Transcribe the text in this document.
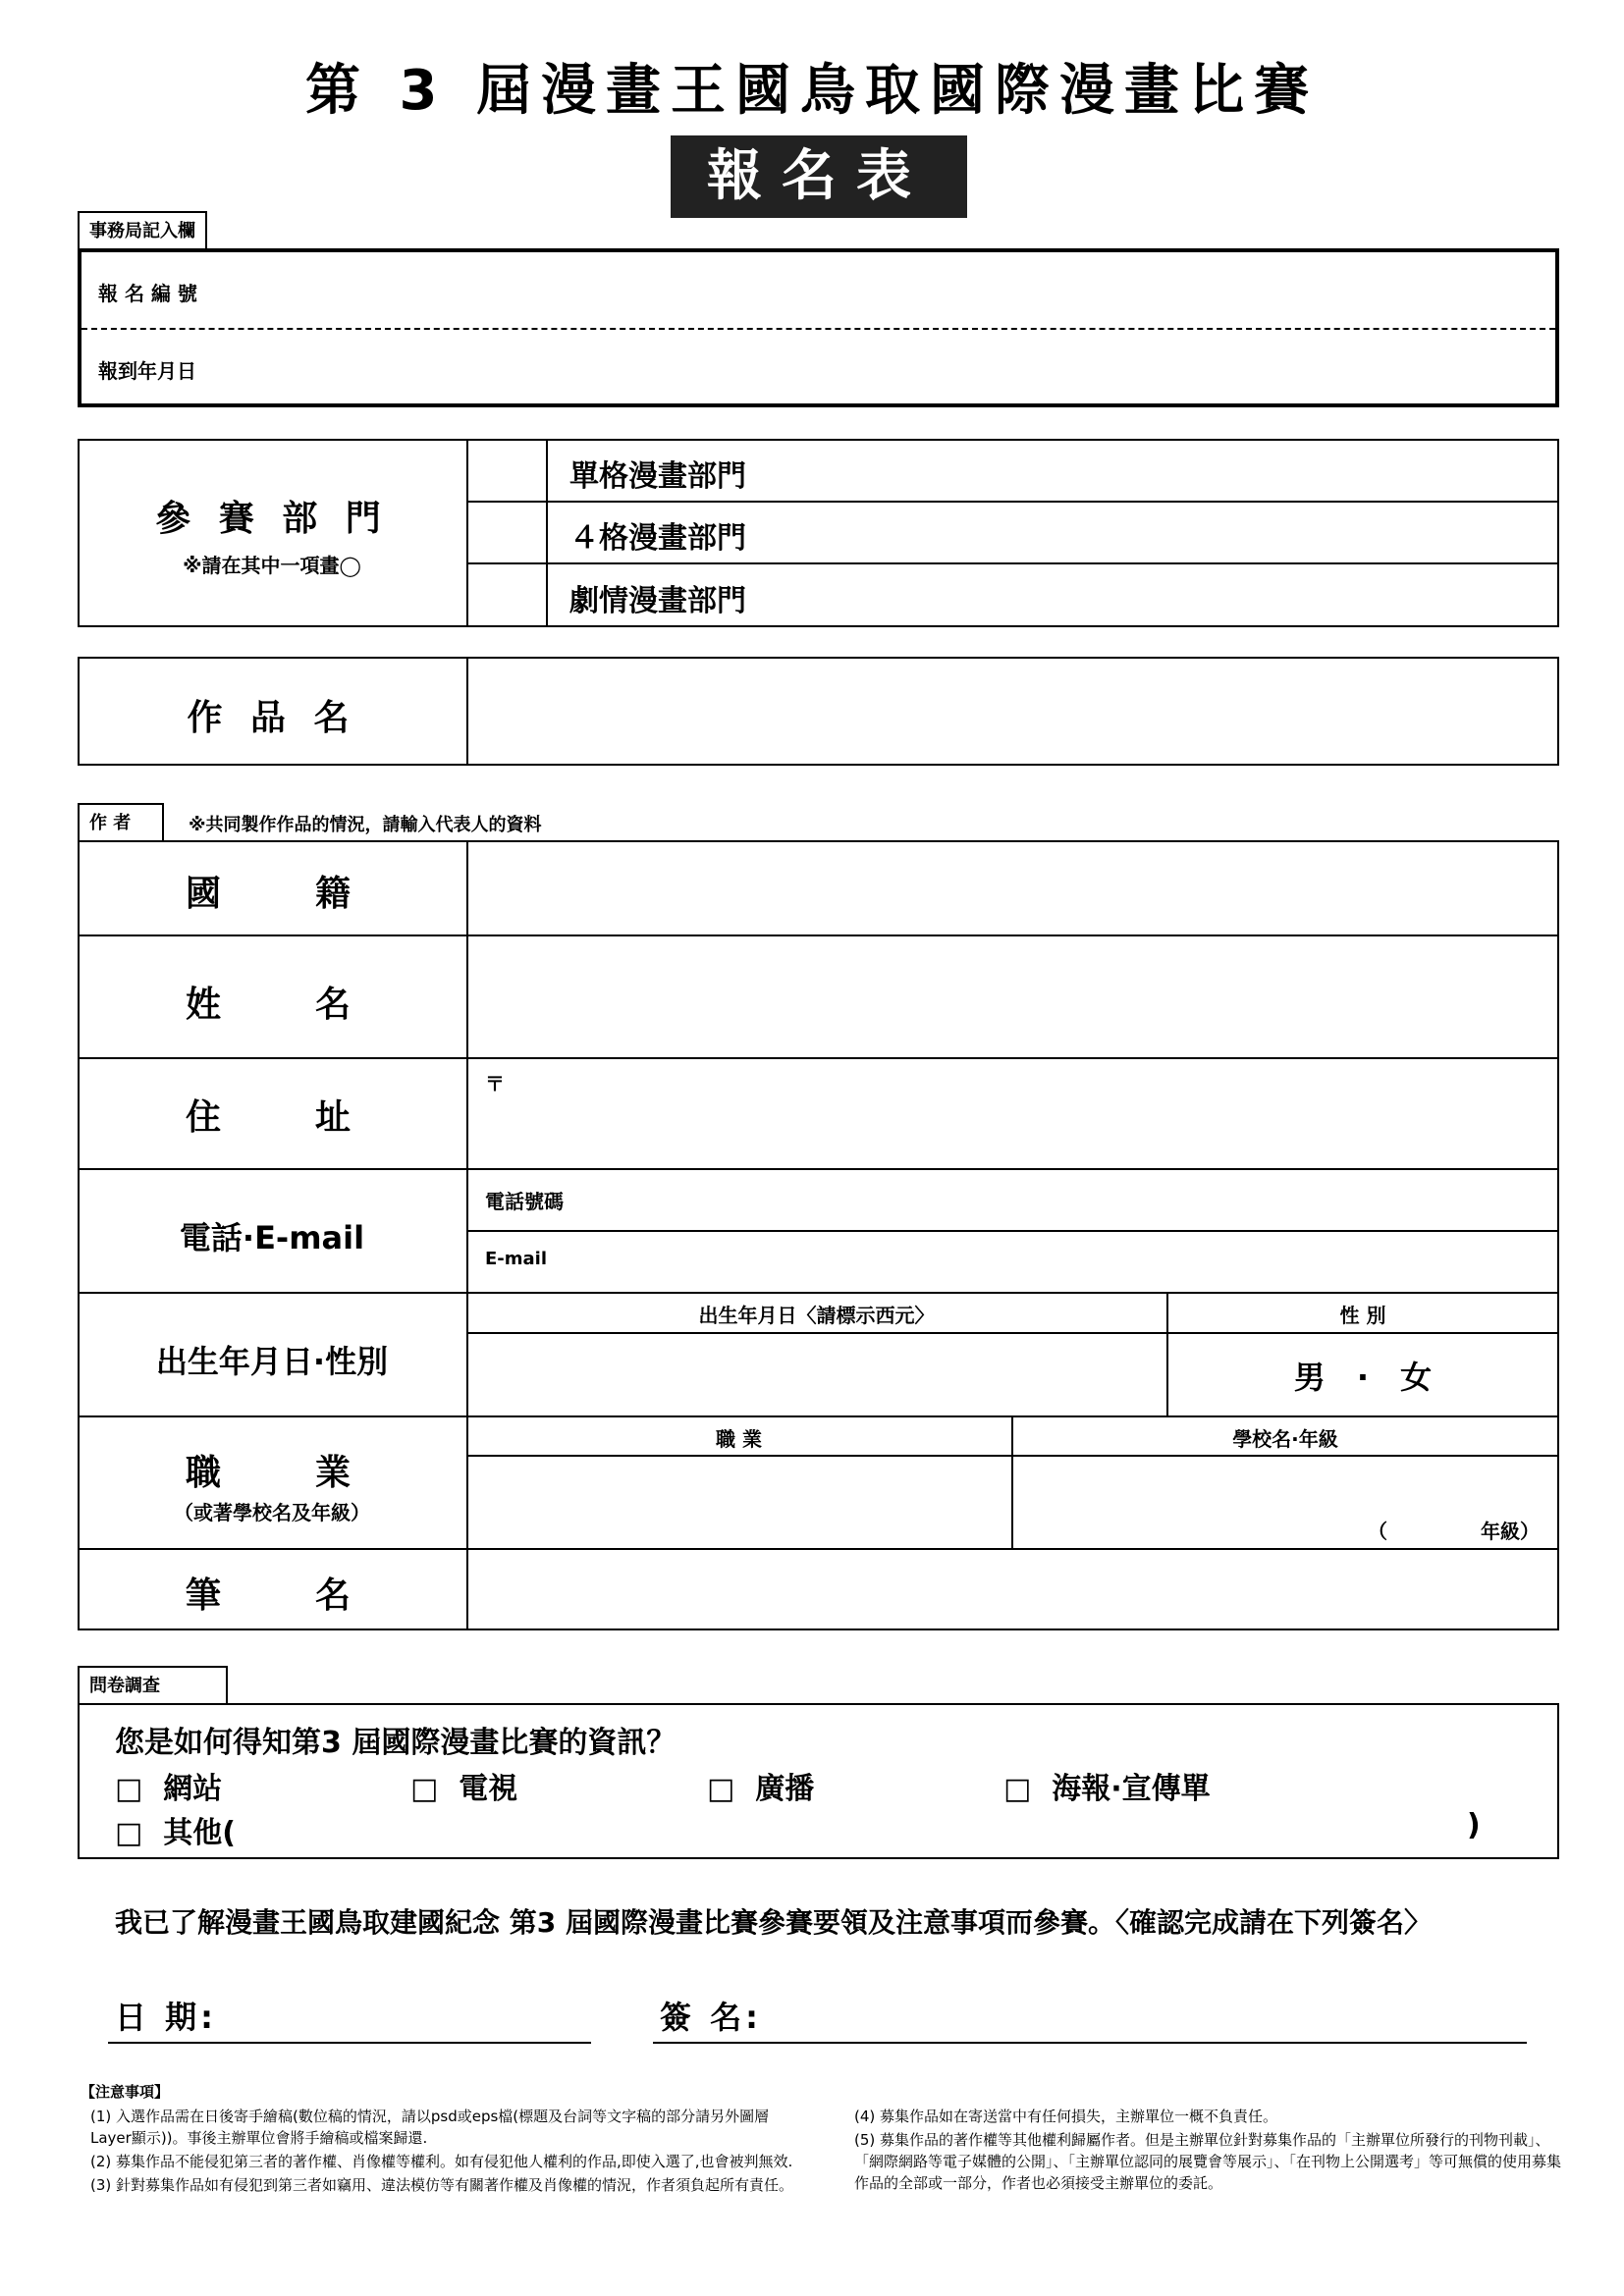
第 3 屆漫畫王國鳥取國際漫畫比賽
報名表
事務局記入欄
報 名 編 號
報到年月日
參 賽 部 門
※請在其中一項畫◯
單格漫畫部門
４格漫畫部門
劇情漫畫部門
作 品 名
作 者	※共同製作作品的情況，請輸入代表人的資料
國　　籍
姓　　名
住　　址
〒
電話·E-mail
電話號碼
E-mail
出生年月日·性別
出生年月日〈請標示西元〉	性 別
男　·　女
職　　業
（或著學校名及年級）
職 業	學校名·年級
（	年級）
筆　　名
問卷調查
您是如何得知第3 屆國際漫畫比賽的資訊？
□ 網站	□ 電視	□ 廣播	□ 海報·宣傳單
□ 其他(	)
我已了解漫畫王國鳥取建國紀念 第3 屆國際漫畫比賽參賽要領及注意事項而參賽。〈確認完成請在下列簽名〉
日 期:	簽 名:
【注意事項】

(1) 入選作品需在日後寄手繪稿(數位稿的情況，請以psd或eps檔(標題及台詞等文字稿的部分請另外圖層Layer顯示))。事後主辦單位會將手繪稿或檔案歸還.

(2) 募集作品不能侵犯第三者的著作權、肖像權等權利。如有侵犯他人權利的作品,即使入選了,也會被判無效.

(3) 針對募集作品如有侵犯到第三者如竊用、違法模仿等有關著作權及肖像權的情況，作者須負起所有責任。

(4) 募集作品如在寄送當中有任何損失，主辦單位一概不負責任。

(5) 募集作品的著作權等其他權利歸屬作者。但是主辦單位針對募集作品的「主辦單位所發行的刊物刊載」、「網際網路等電子媒體的公開」、「主辦單位認同的展覽會等展示」、「在刊物上公開選考」等可無償的使用募集作品的全部或一部分，作者也必須接受主辦單位的委託。
